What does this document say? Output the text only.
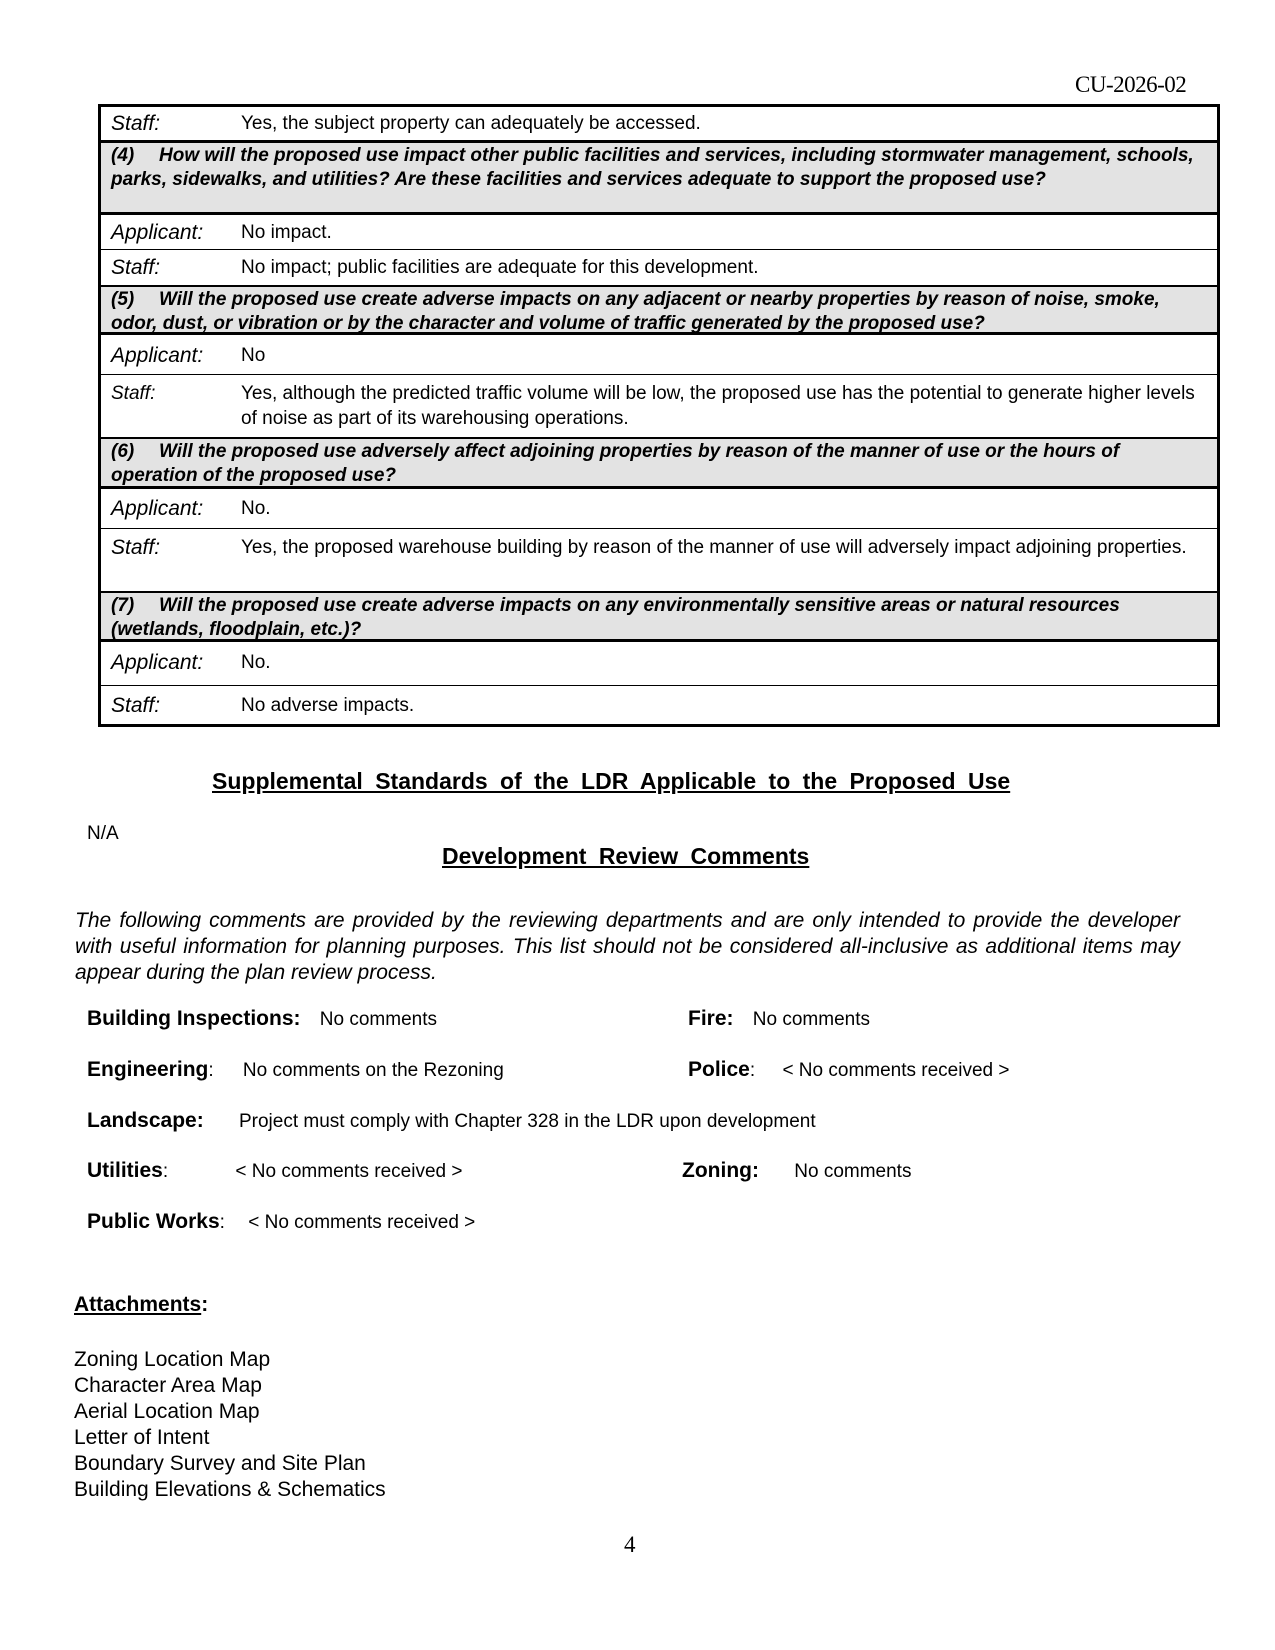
CU-2026-02
Staff:	Yes, the subject property can adequately be accessed.
(4) How will the proposed use impact other public facilities and services, including stormwater management, schools, parks, sidewalks, and utilities? Are these facilities and services adequate to support the proposed use?
Applicant:	No impact.
Staff:	No impact; public facilities are adequate for this development.
(5) Will the proposed use create adverse impacts on any adjacent or nearby properties by reason of noise, smoke, odor, dust, or vibration or by the character and volume of traffic generated by the proposed use?
Applicant:	No
Staff:	Yes, although the predicted traffic volume will be low, the proposed use has the potential to generate higher levels of noise as part of its warehousing operations.
(6) Will the proposed use adversely affect adjoining properties by reason of the manner of use or the hours of operation of the proposed use?
Applicant:	No.
Staff:	Yes, the proposed warehouse building by reason of the manner of use will adversely impact adjoining properties.
(7) Will the proposed use create adverse impacts on any environmentally sensitive areas or natural resources (wetlands, floodplain, etc.)?
Applicant:	No.
Staff:	No adverse impacts.
Supplemental Standards of the LDR Applicable to the Proposed Use
N/A
Development Review Comments
The following comments are provided by the reviewing departments and are only intended to provide the developer with useful information for planning purposes. This list should not be considered all-inclusive as additional items may appear during the plan review process.
Building Inspections: No comments	Fire: No comments
Engineering: No comments on the Rezoning	Police: < No comments received >
Landscape: Project must comply with Chapter 328 in the LDR upon development
Utilities:	< No comments received >	Zoning: No comments
Public Works: < No comments received >
Attachments:
Zoning Location Map
Character Area Map
Aerial Location Map
Letter of Intent
Boundary Survey and Site Plan
Building Elevations & Schematics
4
